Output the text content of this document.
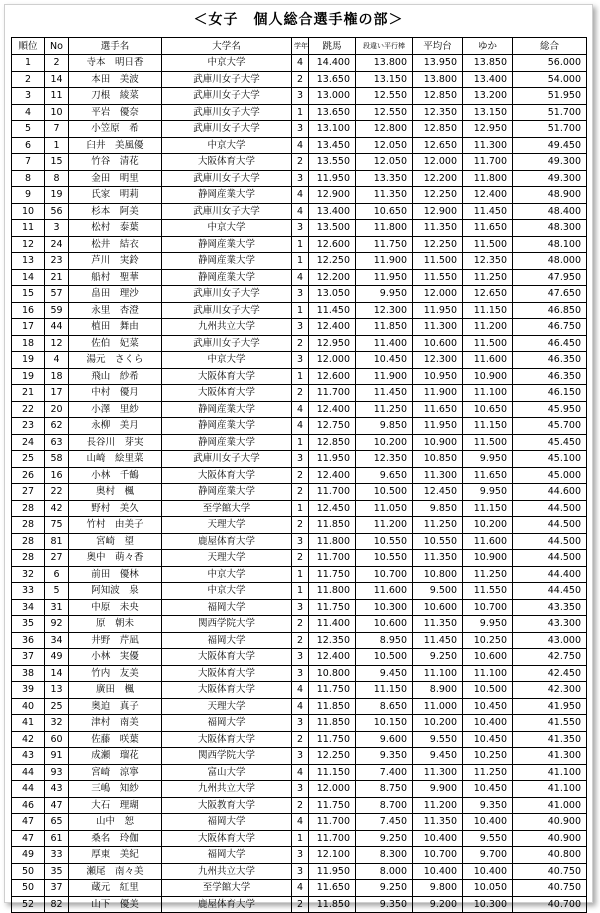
＜女子　個人総合選手権の部＞
順位	No	選手名	大学名	学年	跳馬	段違い平行棒	平均台	ゆか	総合
1	2	寺本　明日香	中京大学	4	14.400	13.800	13.950	13.850	56.000
2	14	本田　美波	武庫川女子大学	2	13.650	13.150	13.800	13.400	54.000
3	11	刀根　綾菜	武庫川女子大学	3	13.000	12.550	12.850	13.200	51.950
4	10	平岩　優奈	武庫川女子大学	1	13.650	12.550	12.350	13.150	51.700
5	7	小笠原　希	武庫川女子大学	3	13.100	12.800	12.850	12.950	51.700
6	1	臼井　美風優	中京大学	4	13.450	12.050	12.650	11.300	49.450
7	15	竹谷　清花	大阪体育大学	2	13.550	12.050	12.000	11.700	49.300
8	8	金田　明里	武庫川女子大学	3	11.950	13.350	12.200	11.800	49.300
9	19	氏家　明莉	静岡産業大学	4	12.900	11.350	12.250	12.400	48.900
10	56	杉本　阿美	武庫川女子大学	4	13.400	10.650	12.900	11.450	48.400
11	3	松村　泰葉	中京大学	3	13.500	11.800	11.350	11.650	48.300
12	24	松井　結衣	静岡産業大学	1	12.600	11.750	12.250	11.500	48.100
13	23	芦川　実鈴	静岡産業大学	1	12.250	11.900	11.500	12.350	48.000
14	21	船村　聖華	静岡産業大学	4	12.200	11.950	11.550	11.250	47.950
15	57	畠田　理沙	武庫川女子大学	3	13.050	9.950	12.000	12.650	47.650
16	59	永里　杏澄	武庫川女子大学	1	11.450	12.300	11.950	11.150	46.850
17	44	植田　舞由	九州共立大学	3	12.400	11.850	11.300	11.200	46.750
18	12	佐伯　妃菜	武庫川女子大学	2	12.950	11.400	10.600	11.500	46.450
19	4	湯元　さくら	中京大学	3	12.000	10.450	12.300	11.600	46.350
19	18	飛山　紗希	大阪体育大学	1	12.600	11.900	10.950	10.900	46.350
21	17	中村　優月	大阪体育大学	2	11.700	11.450	11.900	11.100	46.150
22	20	小澤　里紗	静岡産業大学	4	12.400	11.250	11.650	10.650	45.950
23	62	永柳　美月	静岡産業大学	4	12.750	9.850	11.950	11.150	45.700
24	63	長谷川　芽実	静岡産業大学	1	12.850	10.200	10.900	11.500	45.450
25	58	山崎　絵里菜	武庫川女子大学	3	11.950	12.350	10.850	9.950	45.100
26	16	小林　千鶴	大阪体育大学	2	12.400	9.650	11.300	11.650	45.000
27	22	奥村　楓	静岡産業大学	2	11.700	10.500	12.450	9.950	44.600
28	42	野村　美久	至学館大学	1	12.450	11.050	9.850	11.150	44.500
28	75	竹村　由美子	天理大学	2	11.850	11.200	11.250	10.200	44.500
28	81	宮崎　望	鹿屋体育大学	3	11.800	10.550	10.550	11.600	44.500
28	27	奥中　萌々香	天理大学	2	11.700	10.550	11.350	10.900	44.500
32	6	前田　優林	中京大学	1	11.750	10.700	10.800	11.250	44.400
33	5	阿知波　泉	中京大学	1	11.800	11.600	9.500	11.550	44.450
34	31	中原　未央	福岡大学	3	11.750	10.300	10.600	10.700	43.350
35	92	原　朝未	関西学院大学	2	11.400	10.600	11.350	9.950	43.300
36	34	井野　芹凪	福岡大学	2	12.350	8.950	11.450	10.250	43.000
37	49	小林　実優	大阪体育大学	3	12.400	10.500	9.250	10.600	42.750
38	14	竹内　友美	大阪体育大学	3	10.800	9.450	11.100	11.100	42.450
39	13	廣田　楓	大阪体育大学	4	11.750	11.150	8.900	10.500	42.300
40	25	奥迫　真子	天理大学	4	11.850	8.650	11.000	10.450	41.950
41	32	津村　南美	福岡大学	3	11.850	10.150	10.200	10.400	41.550
42	60	佐藤　咲葉	大阪体育大学	2	11.750	9.600	9.550	10.450	41.350
43	91	成瀬　瑠花	関西学院大学	3	12.250	9.350	9.450	10.250	41.300
44	93	宮崎　涼寧	富山大学	4	11.150	7.400	11.300	11.250	41.100
44	43	三嶋　知紗	九州共立大学	3	12.000	8.750	9.900	10.450	41.100
46	47	大石　理瑚	大阪教育大学	2	11.750	8.700	11.200	9.350	41.000
47	65	山中　恕	福岡大学	4	11.700	7.450	11.350	10.400	40.900
47	61	桑名　玲伽	大阪体育大学	1	11.700	9.250	10.400	9.550	40.900
49	33	厚東　美紀	福岡大学	3	12.100	8.300	10.700	9.700	40.800
50	35	瀬尾　南々美	九州共立大学	3	11.950	8.000	10.400	10.400	40.750
50	37	蔵元　紅里	至学館大学	4	11.650	9.250	9.800	10.050	40.750
52	82	山下　優美	鹿屋体育大学	2	11.850	9.350	9.200	10.300	40.700
